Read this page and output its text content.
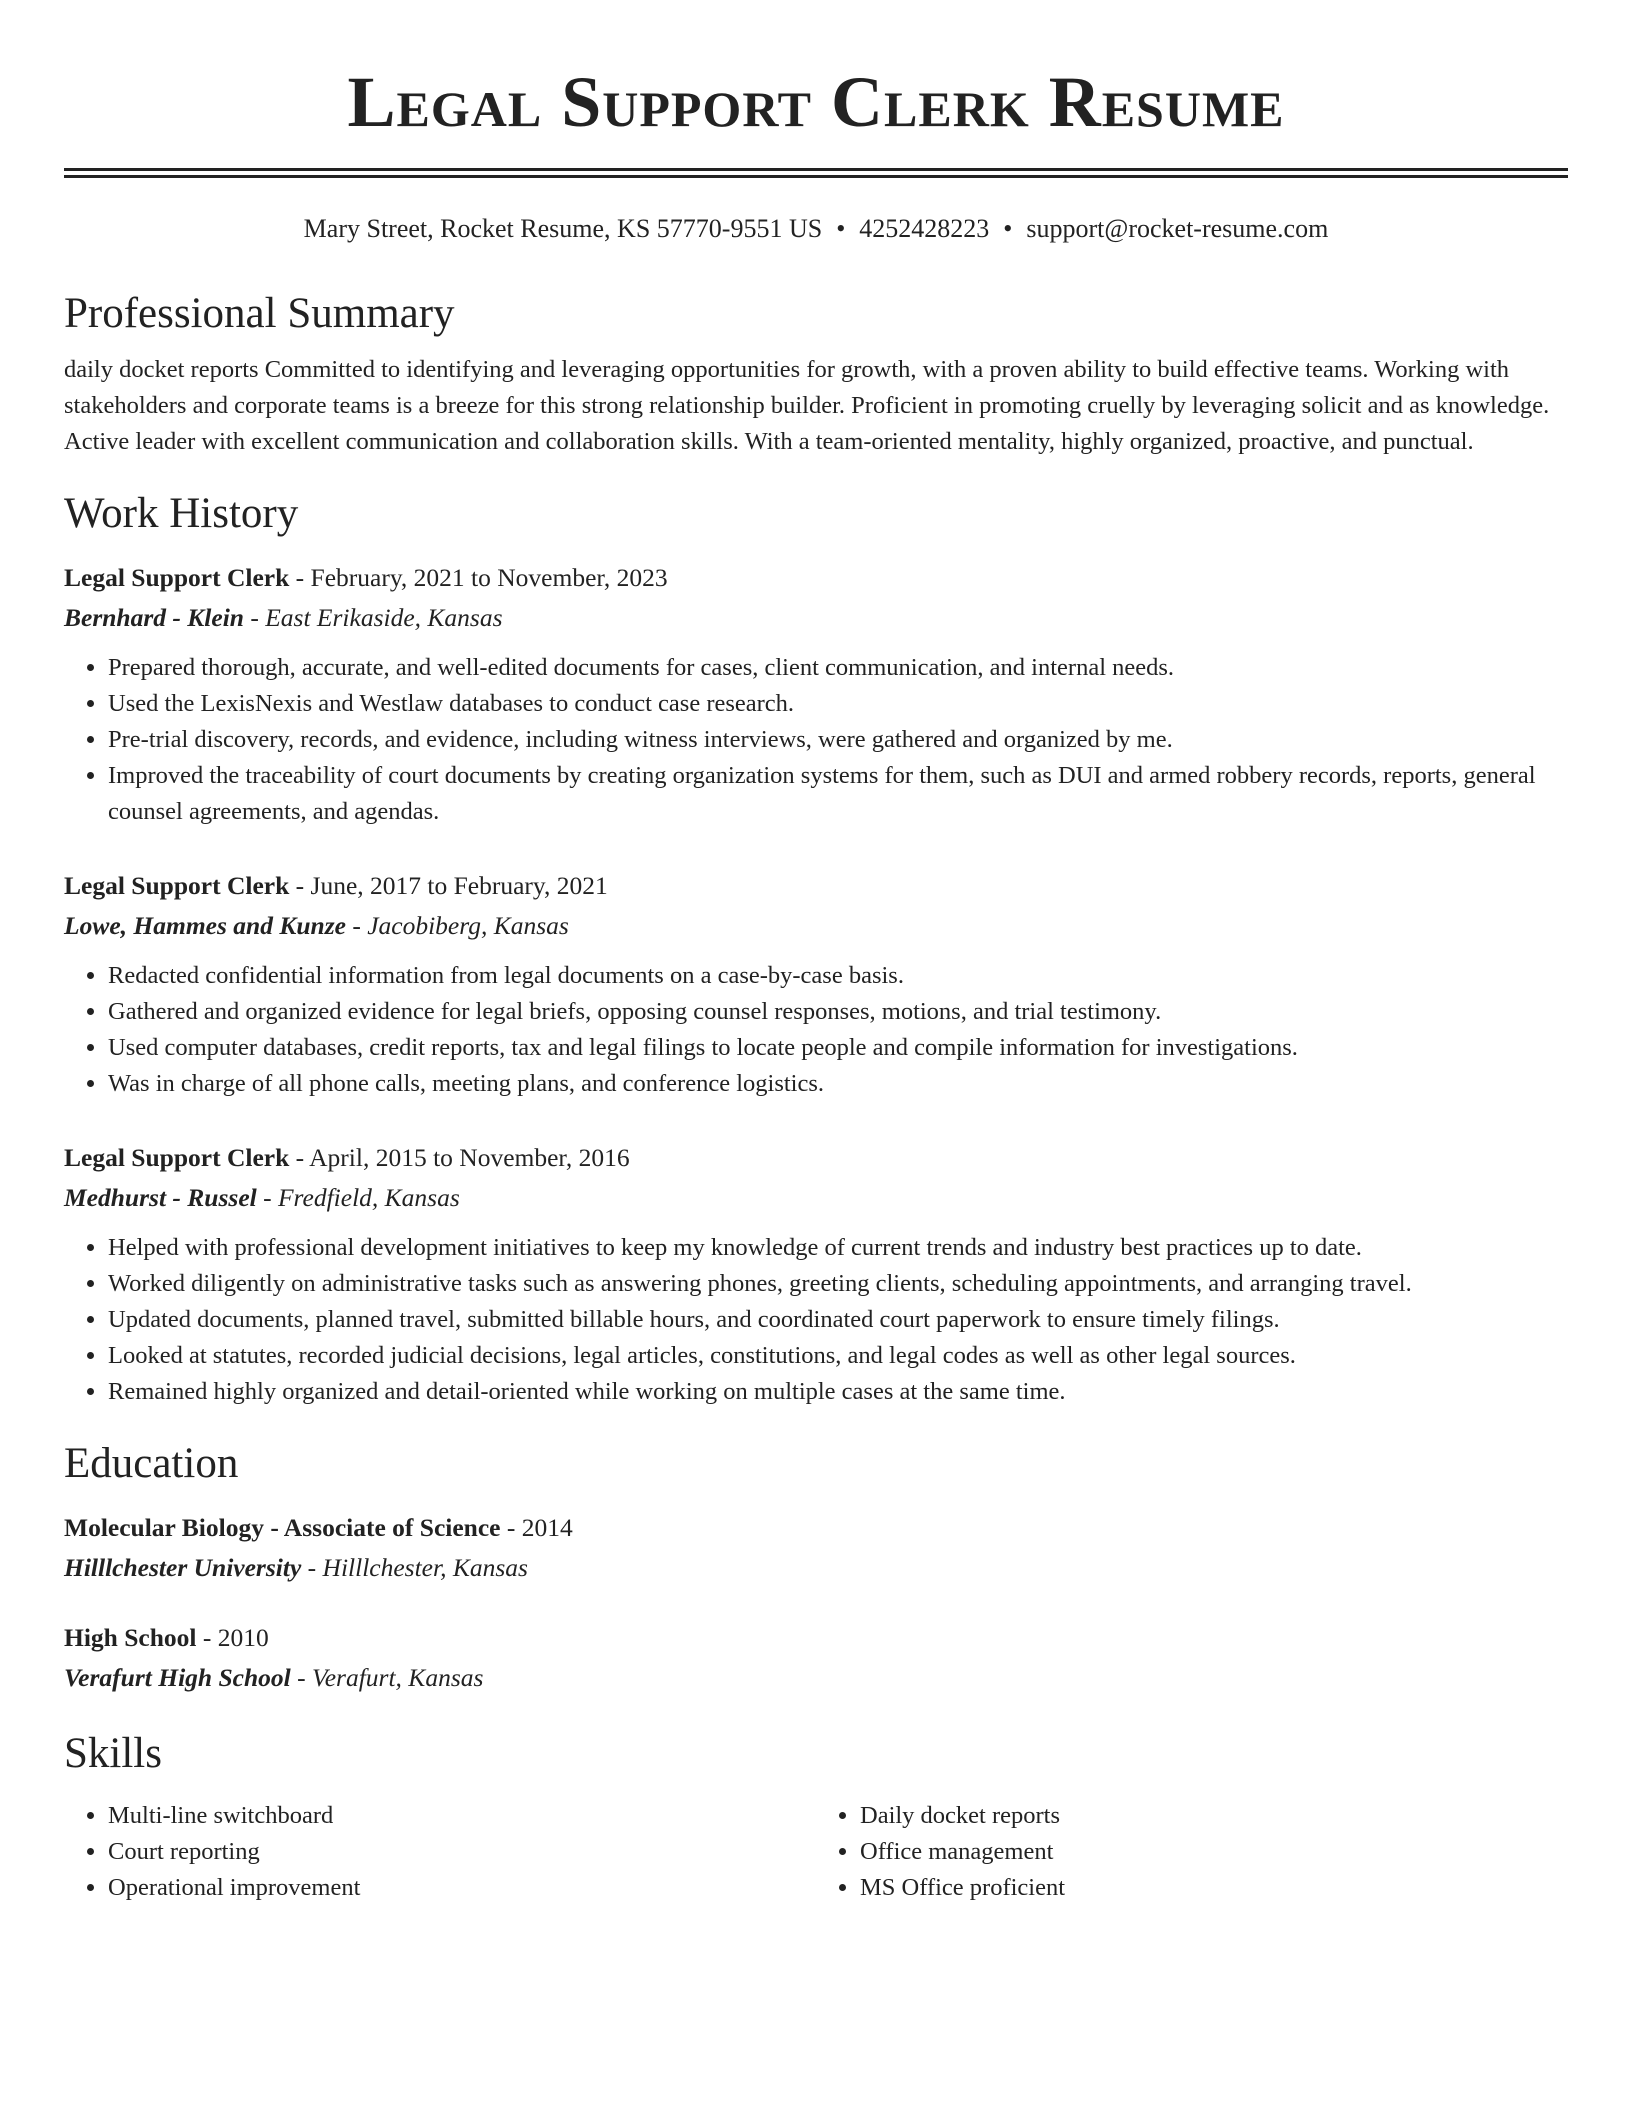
Legal Support Clerk Resume
Mary Street, Rocket Resume, KS 57770-9551 US • 4252428223 • support@rocket-resume.com
Professional Summary

daily docket reports Committed to identifying and leveraging opportunities for growth, with a proven ability to build effective teams. Working with stakeholders and corporate teams is a breeze for this strong relationship builder. Proficient in promoting cruelly by leveraging solicit and as knowledge. Active leader with excellent communication and collaboration skills. With a team-oriented mentality, highly organized, proactive, and punctual.

Work History
Legal Support Clerk - February, 2021 to November, 2023
Bernhard - Klein - East Erikaside, Kansas
• Prepared thorough, accurate, and well-edited documents for cases, client communication, and internal needs.
• Used the LexisNexis and Westlaw databases to conduct case research.
• Pre-trial discovery, records, and evidence, including witness interviews, were gathered and organized by me.
• Improved the traceability of court documents by creating organization systems for them, such as DUI and armed robbery records, reports, general counsel agreements, and agendas.
Legal Support Clerk - June, 2017 to February, 2021
Lowe, Hammes and Kunze - Jacobiberg, Kansas
• Redacted confidential information from legal documents on a case-by-case basis.
• Gathered and organized evidence for legal briefs, opposing counsel responses, motions, and trial testimony.
• Used computer databases, credit reports, tax and legal filings to locate people and compile information for investigations.
• Was in charge of all phone calls, meeting plans, and conference logistics.
Legal Support Clerk - April, 2015 to November, 2016
Medhurst - Russel - Fredfield, Kansas
• Helped with professional development initiatives to keep my knowledge of current trends and industry best practices up to date.
• Worked diligently on administrative tasks such as answering phones, greeting clients, scheduling appointments, and arranging travel.
• Updated documents, planned travel, submitted billable hours, and coordinated court paperwork to ensure timely filings.
• Looked at statutes, recorded judicial decisions, legal articles, constitutions, and legal codes as well as other legal sources.
• Remained highly organized and detail-oriented while working on multiple cases at the same time.
Education
Molecular Biology - Associate of Science - 2014
Hilllchester University - Hilllchester, Kansas
High School - 2010
Verafurt High School - Verafurt, Kansas
Skills
• Multi-line switchboard
• Court reporting
• Operational improvement
• Daily docket reports
• Office management
• MS Office proficient
